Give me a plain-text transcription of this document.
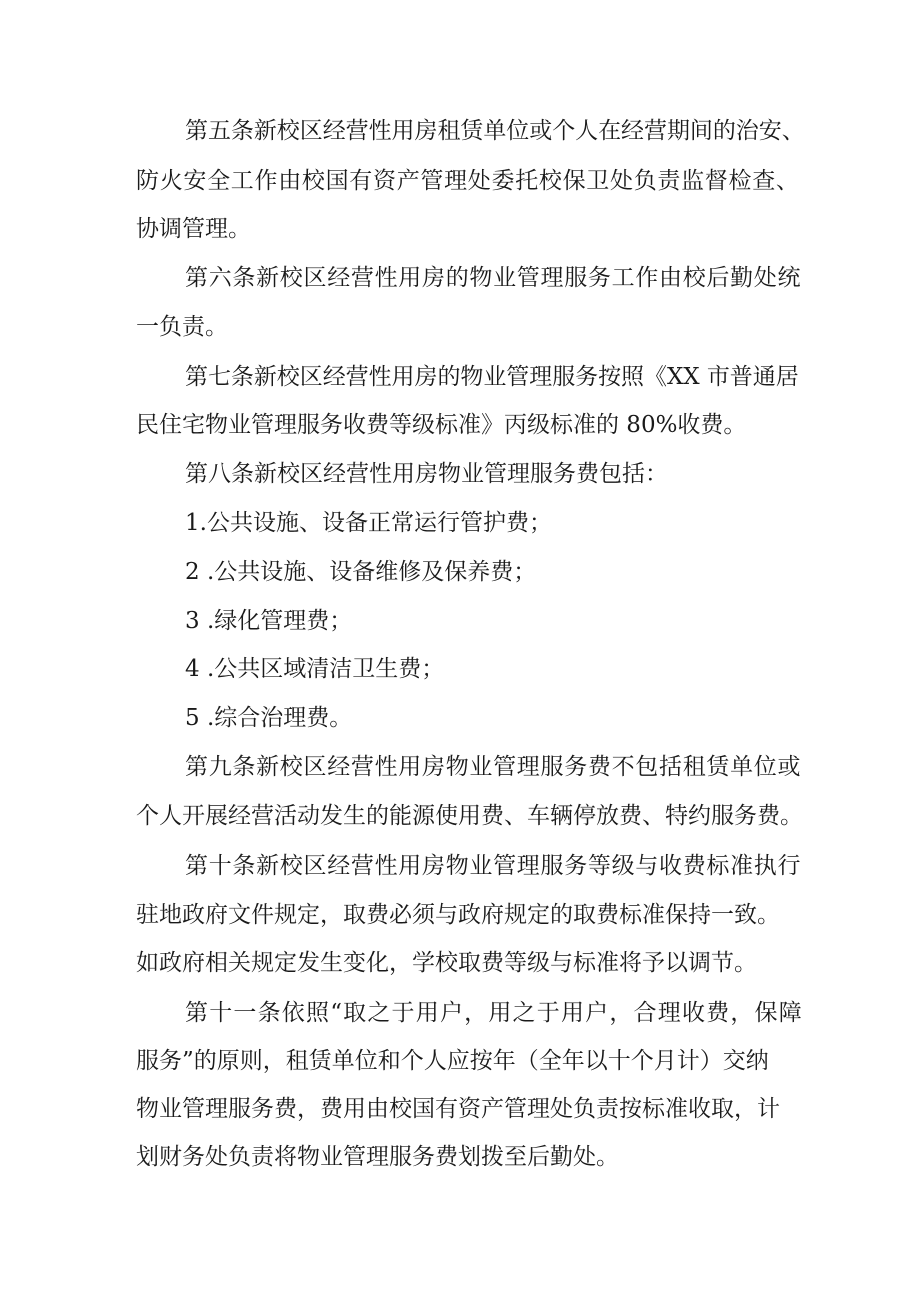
第五条新校区经营性用房租赁单位或个人在经营期间的治安、

防火安全工作由校国有资产管理处委托校保卫处负责监督检查、

协调管理。

第六条新校区经营性用房的物业管理服务工作由校后勤处统

一负责。

第七条新校区经营性用房的物业管理服务按照《XX 市普通居

民住宅物业管理服务收费等级标准》丙级标准的 80%收费。

第八条新校区经营性用房物业管理服务费包括：

1.公共设施、设备正常运行管护费；

2 .公共设施、设备维修及保养费；

3 .绿化管理费；

4 .公共区域清洁卫生费；

5 .综合治理费。

第九条新校区经营性用房物业管理服务费不包括租赁单位或

个人开展经营活动发生的能源使用费、车辆停放费、特约服务费。

第十条新校区经营性用房物业管理服务等级与收费标准执行

驻地政府文件规定，取费必须与政府规定的取费标准保持一致。

如政府相关规定发生变化，学校取费等级与标准将予以调节。

第十一条依照“取之于用户，用之于用户，合理收费，保障

服务”的原则，租赁单位和个人应按年（全年以十个月计）交纳

物业管理服务费，费用由校国有资产管理处负责按标准收取，计

划财务处负责将物业管理服务费划拨至后勤处。
